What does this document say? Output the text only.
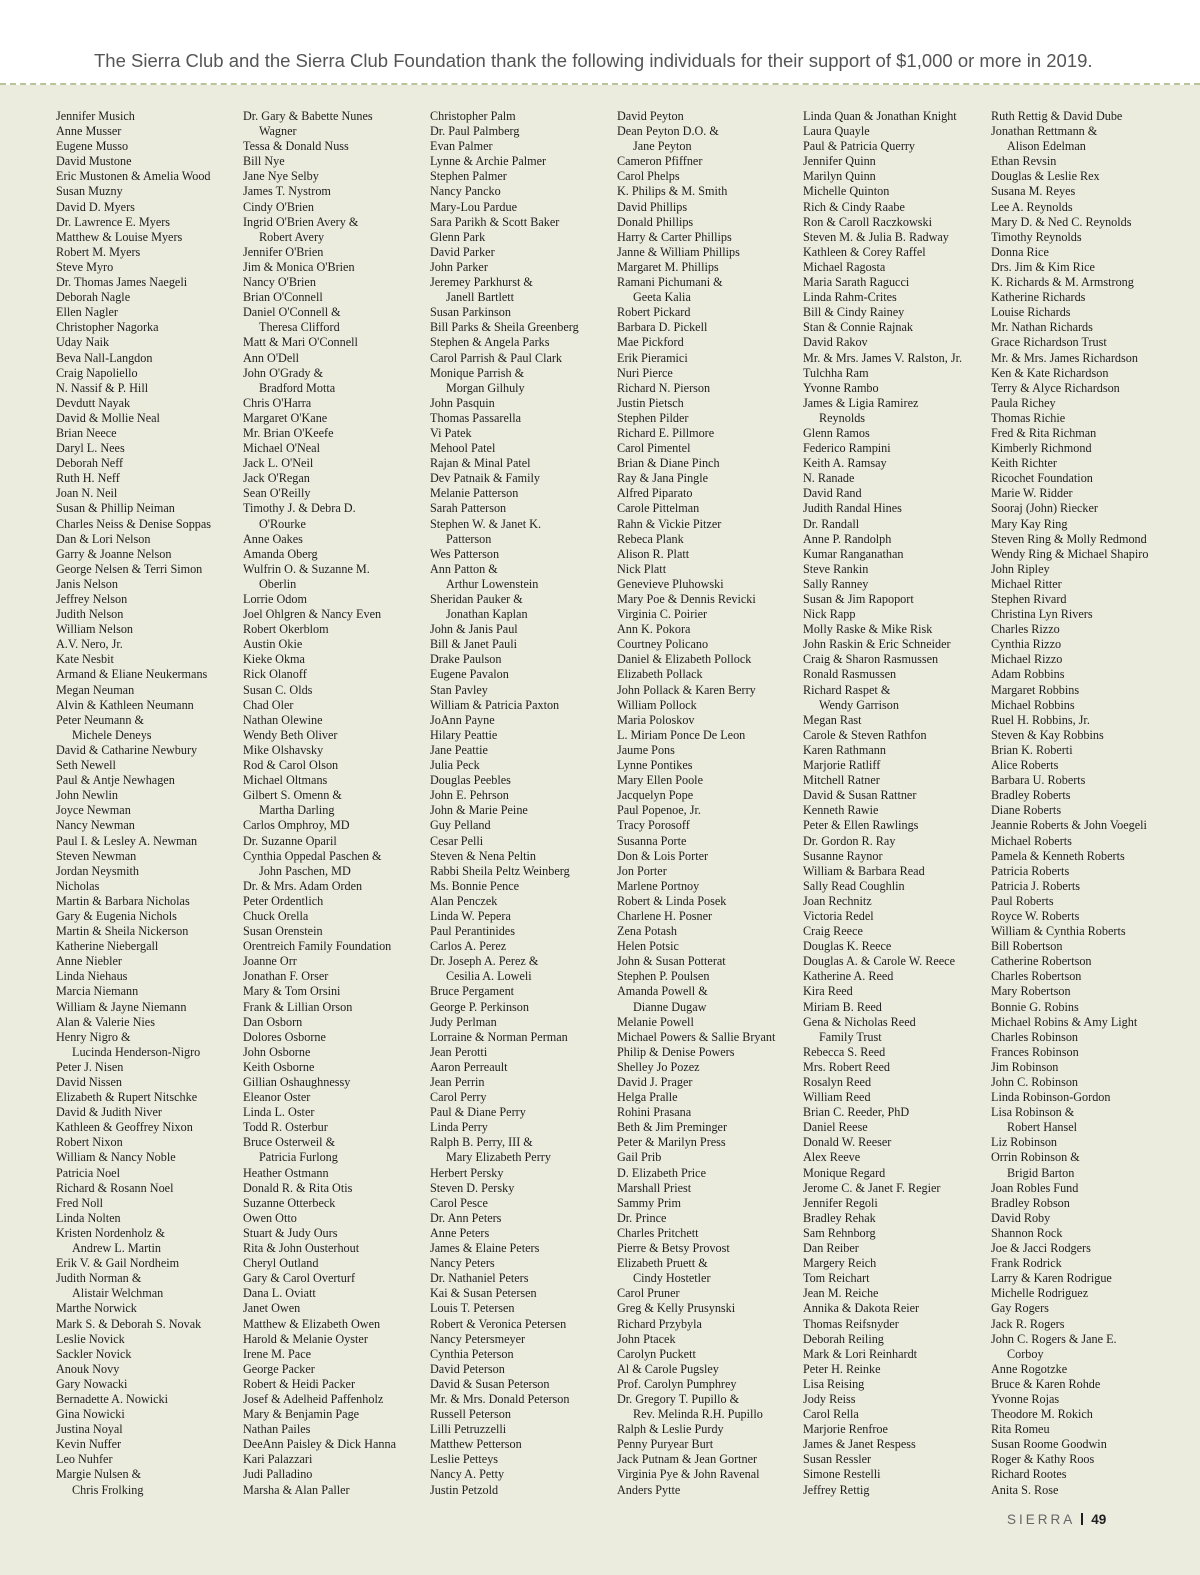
The Sierra Club and the Sierra Club Foundation thank the following individuals for their support of $1,000 or more in 2019.
Jennifer Musich
Anne Musser
Eugene Musso
David Mustone
Eric Mustonen & Amelia Wood
Susan Muzny
David D. Myers
Dr. Lawrence E. Myers
Matthew & Louise Myers
Robert M. Myers
Steve Myro
Dr. Thomas James Naegeli
Deborah Nagle
Ellen Nagler
Christopher Nagorka
Uday Naik
Beva Nall-Langdon
Craig Napoliello
N. Nassif & P. Hill
Devdutt Nayak
David & Mollie Neal
Brian Neece
Daryl L. Nees
Deborah Neff
Ruth H. Neff
Joan N. Neil
Susan & Phillip Neiman
Charles Neiss & Denise Soppas
Dan & Lori Nelson
Garry & Joanne Nelson
George Nelsen & Terri Simon
Janis Nelson
Jeffrey Nelson
Judith Nelson
William Nelson
A.V. Nero, Jr.
Kate Nesbit
Armand & Eliane Neukermans
Megan Neuman
Alvin & Kathleen Neumann
Peter Neumann &
Michele Deneys
David & Catharine Newbury
Seth Newell
Paul & Antje Newhagen
John Newlin
Joyce Newman
Nancy Newman
Paul I. & Lesley A. Newman
Steven Newman
Jordan Neysmith
Nicholas
Martin & Barbara Nicholas
Gary & Eugenia Nichols
Martin & Sheila Nickerson
Katherine Niebergall
Anne Niebler
Linda Niehaus
Marcia Niemann
William & Jayne Niemann
Alan & Valerie Nies
Henry Nigro &
Lucinda Henderson-Nigro
Peter J. Nisen
David Nissen
Elizabeth & Rupert Nitschke
David & Judith Niver
Kathleen & Geoffrey Nixon
Robert Nixon
William & Nancy Noble
Patricia Noel
Richard & Rosann Noel
Fred Noll
Linda Nolten
Kristen Nordenholz &
Andrew L. Martin
Erik V. & Gail Nordheim
Judith Norman &
Alistair Welchman
Marthe Norwick
Mark S. & Deborah S. Novak
Leslie Novick
Sackler Novick
Anouk Novy
Gary Nowacki
Bernadette A. Nowicki
Gina Nowicki
Justina Noyal
Kevin Nuffer
Leo Nuhfer
Margie Nulsen &
Chris Frolking
Dr. Gary & Babette Nunes
Wagner
Tessa & Donald Nuss
Bill Nye
Jane Nye Selby
James T. Nystrom
Cindy O'Brien
Ingrid O'Brien Avery &
Robert Avery
Jennifer O'Brien
Jim & Monica O'Brien
Nancy O'Brien
Brian O'Connell
Daniel O'Connell &
Theresa Clifford
Matt & Mari O'Connell
Ann O'Dell
John O'Grady &
Bradford Motta
Chris O'Harra
Margaret O'Kane
Mr. Brian O'Keefe
Michael O'Neal
Jack L. O'Neil
Jack O'Regan
Sean O'Reilly
Timothy J. & Debra D.
O'Rourke
Anne Oakes
Amanda Oberg
Wulfrin O. & Suzanne M.
Oberlin
Lorrie Odom
Joel Ohlgren & Nancy Even
Robert Okerblom
Austin Okie
Kieke Okma
Rick Olanoff
Susan C. Olds
Chad Oler
Nathan Olewine
Wendy Beth Oliver
Mike Olshavsky
Rod & Carol Olson
Michael Oltmans
Gilbert S. Omenn &
Martha Darling
Carlos Omphroy, MD
Dr. Suzanne Oparil
Cynthia Oppedal Paschen &
John Paschen, MD
Dr. & Mrs. Adam Orden
Peter Ordentlich
Chuck Orella
Susan Orenstein
Orentreich Family Foundation
Joanne Orr
Jonathan F. Orser
Mary & Tom Orsini
Frank & Lillian Orson
Dan Osborn
Dolores Osborne
John Osborne
Keith Osborne
Gillian Oshaughnessy
Eleanor Oster
Linda L. Oster
Todd R. Osterbur
Bruce Osterweil &
Patricia Furlong
Heather Ostmann
Donald R. & Rita Otis
Suzanne Otterbeck
Owen Otto
Stuart & Judy Ours
Rita & John Ousterhout
Cheryl Outland
Gary & Carol Overturf
Dana L. Oviatt
Janet Owen
Matthew & Elizabeth Owen
Harold & Melanie Oyster
Irene M. Pace
George Packer
Robert & Heidi Packer
Josef & Adelheid Paffenholz
Mary & Benjamin Page
Nathan Pailes
DeeAnn Paisley & Dick Hanna
Kari Palazzari
Judi Palladino
Marsha & Alan Paller
Christopher Palm
Dr. Paul Palmberg
Evan Palmer
Lynne & Archie Palmer
Stephen Palmer
Nancy Pancko
Mary-Lou Pardue
Sara Parikh & Scott Baker
Glenn Park
David Parker
John Parker
Jeremey Parkhurst &
Janell Bartlett
Susan Parkinson
Bill Parks & Sheila Greenberg
Stephen & Angela Parks
Carol Parrish & Paul Clark
Monique Parrish &
Morgan Gilhuly
John Pasquin
Thomas Passarella
Vi Patek
Mehool Patel
Rajan & Minal Patel
Dev Patnaik & Family
Melanie Patterson
Sarah Patterson
Stephen W. & Janet K.
Patterson
Wes Patterson
Ann Patton &
Arthur Lowenstein
Sheridan Pauker &
Jonathan Kaplan
John & Janis Paul
Bill & Janet Pauli
Drake Paulson
Eugene Pavalon
Stan Pavley
William & Patricia Paxton
JoAnn Payne
Hilary Peattie
Jane Peattie
Julia Peck
Douglas Peebles
John E. Pehrson
John & Marie Peine
Guy Pelland
Cesar Pelli
Steven & Nena Peltin
Rabbi Sheila Peltz Weinberg
Ms. Bonnie Pence
Alan Penczek
Linda W. Pepera
Paul Perantinides
Carlos A. Perez
Dr. Joseph A. Perez &
Cesilia A. Loweli
Bruce Pergament
George P. Perkinson
Judy Perlman
Lorraine & Norman Perman
Jean Perotti
Aaron Perreault
Jean Perrin
Carol Perry
Paul & Diane Perry
Linda Perry
Ralph B. Perry, III &
Mary Elizabeth Perry
Herbert Persky
Steven D. Persky
Carol Pesce
Dr. Ann Peters
Anne Peters
James & Elaine Peters
Nancy Peters
Dr. Nathaniel Peters
Kai & Susan Petersen
Louis T. Petersen
Robert & Veronica Petersen
Nancy Petersmeyer
Cynthia Peterson
David Peterson
David & Susan Peterson
Mr. & Mrs. Donald Peterson
Russell Peterson
Lilli Petruzzelli
Matthew Petterson
Leslie Petteys
Nancy A. Petty
Justin Petzold
David Peyton
Dean Peyton D.O. &
Jane Peyton
Cameron Pfiffner
Carol Phelps
K. Philips & M. Smith
David Phillips
Donald Phillips
Harry & Carter Phillips
Janne & William Phillips
Margaret M. Phillips
Ramani Pichumani &
Geeta Kalia
Robert Pickard
Barbara D. Pickell
Mae Pickford
Erik Pieramici
Nuri Pierce
Richard N. Pierson
Justin Pietsch
Stephen Pilder
Richard E. Pillmore
Carol Pimentel
Brian & Diane Pinch
Ray & Jana Pingle
Alfred Piparato
Carole Pittelman
Rahn & Vickie Pitzer
Rebeca Plank
Alison R. Platt
Nick Platt
Genevieve Pluhowski
Mary Poe & Dennis Revicki
Virginia C. Poirier
Ann K. Pokora
Courtney Policano
Daniel & Elizabeth Pollock
Elizabeth Pollack
John Pollack & Karen Berry
William Pollock
Maria Poloskov
L. Miriam Ponce De Leon
Jaume Pons
Lynne Pontikes
Mary Ellen Poole
Jacquelyn Pope
Paul Popenoe, Jr.
Tracy Porosoff
Susanna Porte
Don & Lois Porter
Jon Porter
Marlene Portnoy
Robert & Linda Posek
Charlene H. Posner
Zena Potash
Helen Potsic
John & Susan Potterat
Stephen P. Poulsen
Amanda Powell &
Dianne Dugaw
Melanie Powell
Michael Powers & Sallie Bryant
Philip & Denise Powers
Shelley Jo Pozez
David J. Prager
Helga Pralle
Rohini Prasana
Beth & Jim Preminger
Peter & Marilyn Press
Gail Prib
D. Elizabeth Price
Marshall Priest
Sammy Prim
Dr. Prince
Charles Pritchett
Pierre & Betsy Provost
Elizabeth Pruett &
Cindy Hostetler
Carol Pruner
Greg & Kelly Prusynski
Richard Przybyla
John Ptacek
Carolyn Puckett
Al & Carole Pugsley
Prof. Carolyn Pumphrey
Dr. Gregory T. Pupillo &
Rev. Melinda R.H. Pupillo
Ralph & Leslie Purdy
Penny Puryear Burt
Jack Putnam & Jean Gortner
Virginia Pye & John Ravenal
Anders Pytte
Linda Quan & Jonathan Knight
Laura Quayle
Paul & Patricia Querry
Jennifer Quinn
Marilyn Quinn
Michelle Quinton
Rich & Cindy Raabe
Ron & Caroll Raczkowski
Steven M. & Julia B. Radway
Kathleen & Corey Raffel
Michael Ragosta
Maria Sarath Ragucci
Linda Rahm-Crites
Bill & Cindy Rainey
Stan & Connie Rajnak
David Rakov
Mr. & Mrs. James V. Ralston, Jr.
Tulchha Ram
Yvonne Rambo
James & Ligia Ramirez
Reynolds
Glenn Ramos
Federico Rampini
Keith A. Ramsay
N. Ranade
David Rand
Judith Randal Hines
Dr. Randall
Anne P. Randolph
Kumar Ranganathan
Steve Rankin
Sally Ranney
Susan & Jim Rapoport
Nick Rapp
Molly Raske & Mike Risk
John Raskin & Eric Schneider
Craig & Sharon Rasmussen
Ronald Rasmussen
Richard Raspet &
Wendy Garrison
Megan Rast
Carole & Steven Rathfon
Karen Rathmann
Marjorie Ratliff
Mitchell Ratner
David & Susan Rattner
Kenneth Rawie
Peter & Ellen Rawlings
Dr. Gordon R. Ray
Susanne Raynor
William & Barbara Read
Sally Read Coughlin
Joan Rechnitz
Victoria Redel
Craig Reece
Douglas K. Reece
Douglas A. & Carole W. Reece
Katherine A. Reed
Kira Reed
Miriam B. Reed
Gena & Nicholas Reed
Family Trust
Rebecca S. Reed
Mrs. Robert Reed
Rosalyn Reed
William Reed
Brian C. Reeder, PhD
Daniel Reese
Donald W. Reeser
Alex Reeve
Monique Regard
Jerome C. & Janet F. Regier
Jennifer Regoli
Bradley Rehak
Sam Rehnborg
Dan Reiber
Margery Reich
Tom Reichart
Jean M. Reiche
Annika & Dakota Reier
Thomas Reifsnyder
Deborah Reiling
Mark & Lori Reinhardt
Peter H. Reinke
Lisa Reising
Jody Reiss
Carol Rella
Marjorie Renfroe
James & Janet Respess
Susan Ressler
Simone Restelli
Jeffrey Rettig
Ruth Rettig & David Dube
Jonathan Rettmann &
Alison Edelman
Ethan Revsin
Douglas & Leslie Rex
Susana M. Reyes
Lee A. Reynolds
Mary D. & Ned C. Reynolds
Timothy Reynolds
Donna Rice
Drs. Jim & Kim Rice
K. Richards & M. Armstrong
Katherine Richards
Louise Richards
Mr. Nathan Richards
Grace Richardson Trust
Mr. & Mrs. James Richardson
Ken & Kate Richardson
Terry & Alyce Richardson
Paula Richey
Thomas Richie
Fred & Rita Richman
Kimberly Richmond
Keith Richter
Ricochet Foundation
Marie W. Ridder
Sooraj (John) Riecker
Mary Kay Ring
Steven Ring & Molly Redmond
Wendy Ring & Michael Shapiro
John Ripley
Michael Ritter
Stephen Rivard
Christina Lyn Rivers
Charles Rizzo
Cynthia Rizzo
Michael Rizzo
Adam Robbins
Margaret Robbins
Michael Robbins
Ruel H. Robbins, Jr.
Steven & Kay Robbins
Brian K. Roberti
Alice Roberts
Barbara U. Roberts
Bradley Roberts
Diane Roberts
Jeannie Roberts & John Voegeli
Michael Roberts
Pamela & Kenneth Roberts
Patricia Roberts
Patricia J. Roberts
Paul Roberts
Royce W. Roberts
William & Cynthia Roberts
Bill Robertson
Catherine Robertson
Charles Robertson
Mary Robertson
Bonnie G. Robins
Michael Robins & Amy Light
Charles Robinson
Frances Robinson
Jim Robinson
John C. Robinson
Linda Robinson-Gordon
Lisa Robinson &
Robert Hansel
Liz Robinson
Orrin Robinson &
Brigid Barton
Joan Robles Fund
Bradley Robson
David Roby
Shannon Rock
Joe & Jacci Rodgers
Frank Rodrick
Larry & Karen Rodrigue
Michelle Rodriguez
Gay Rogers
Jack R. Rogers
John C. Rogers & Jane E.
Corboy
Anne Rogotzke
Bruce & Karen Rohde
Yvonne Rojas
Theodore M. Rokich
Rita Romeu
Susan Roome Goodwin
Roger & Kathy Roos
Richard Rootes
Anita S. Rose
SIERRA 49
